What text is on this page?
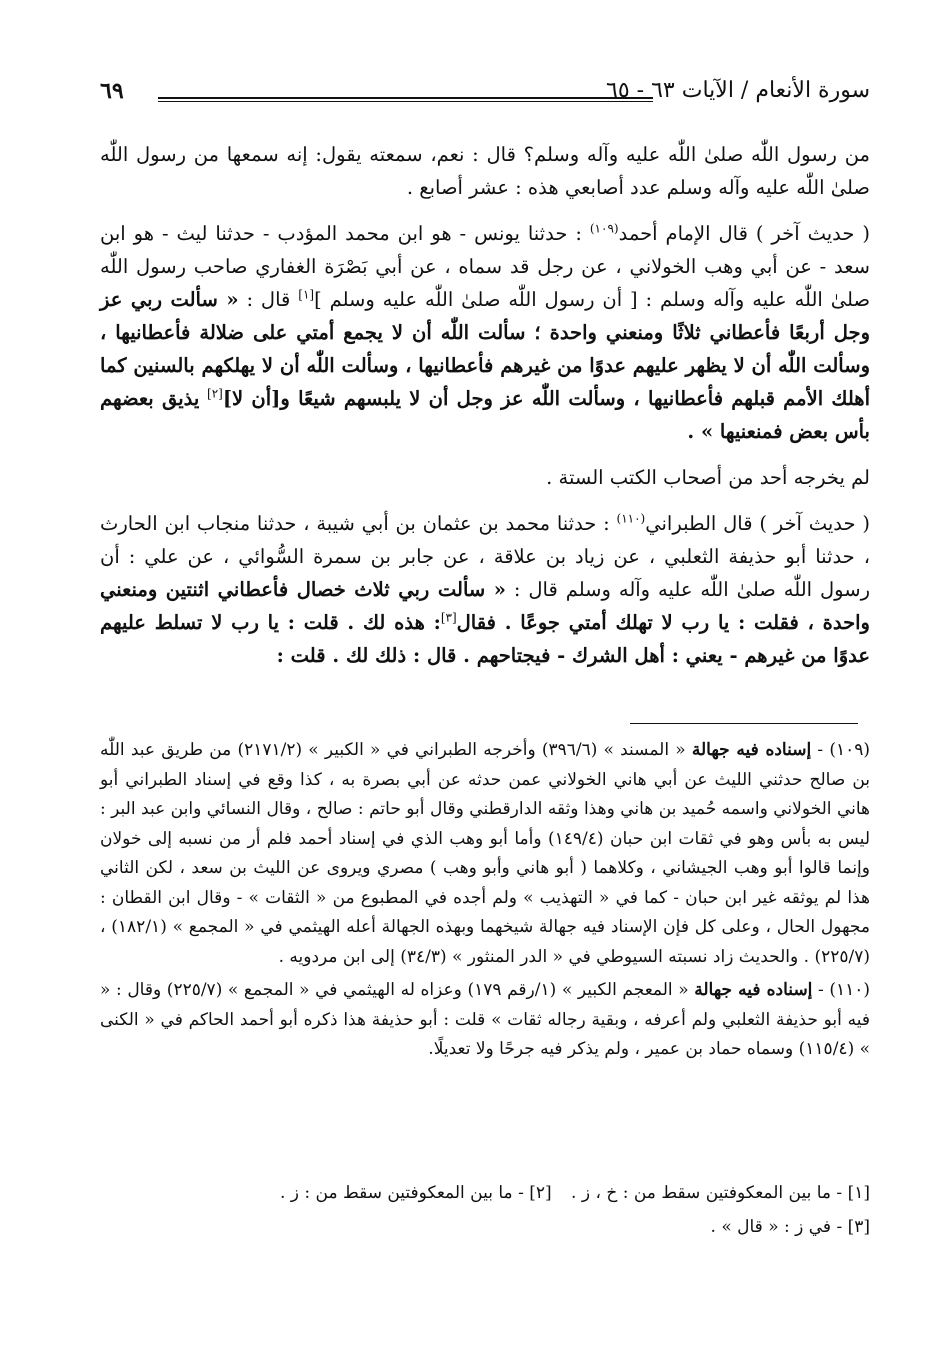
٦٩	سورة الأنعام / الآيات ٦٣ - ٦٥

من رسول اللّٰه صلىٰ اللّٰه عليه وآله وسلم؟ قال : نعم، سمعته يقول: إنه سمعها من رسول اللّٰه صلىٰ اللّٰه عليه وآله وسلم عدد أصابعي هذه : عشر أصابع .

( حديث آخر ) قال الإمام أحمد$^{(١٠٩)}$ : حدثنا يونس - هو ابن محمد المؤدب - حدثنا ليث - هو ابن سعد - عن أبي وهب الخولاني ، عن رجل قد سماه ، عن أبي بَصْرَة الغفاري صاحب رسول اللّٰه صلىٰ اللّٰه عليه وآله وسلم : [ أن رسول اللّٰه صلىٰ اللّٰه عليه وسلم ][١] قال : « سألت ربي عز وجل أربعًا فأعطاني ثلاثًا ومنعني واحدة ؛ سألت اللّٰه أن لا يجمع أمتي على ضلالة فأعطانيها ، وسألت اللّٰه أن لا يظهر عليهم عدوًا من غيرهم فأعطانيها ، وسألت اللّٰه أن لا يهلكهم بالسنين كما أهلك الأمم قبلهم فأعطانيها ، وسألت اللّٰه عز وجل أن لا يلبسهم شيعًا و[أن لا][٢] يذيق بعضهم بأس بعض فمنعنيها » .

لم يخرجه أحد من أصحاب الكتب الستة .

( حديث آخر ) قال الطبراني$^{(١١٠)}$ : حدثنا محمد بن عثمان بن أبي شيبة ، حدثنا منجاب ابن الحارث ، حدثنا أبو حذيفة الثعلبي ، عن زياد بن علاقة ، عن جابر بن سمرة السُّوائي ، عن علي : أن رسول اللّٰه صلىٰ اللّٰه عليه وآله وسلم قال : « سألت ربي ثلاث خصال فأعطاني اثنتين ومنعني واحدة ، فقلت : يا رب لا تهلك أمتي جوعًا . فقال[٣]: هذه لك . قلت : يا رب لا تسلط عليهم عدوًا من غيرهم - يعني : أهل الشرك - فيجتاحهم . قال : ذلك لك . قلت :

(١٠٩) - إسناده فيه جهالة « المسند » (٣٩٦/٦) وأخرجه الطبراني في « الكبير » (٢١٧١/٢) من طريق عبد اللّٰه بن صالح حدثني الليث عن أبي هاني الخولاني عمن حدثه عن أبي بصرة به ، كذا وقع في إسناد الطبراني أبو هاني الخولاني واسمه حُميد بن هاني وهذا وثقه الدارقطني وقال أبو حاتم : صالح ، وقال النسائي وابن عبد البر : ليس به بأس وهو في ثقات ابن حبان (١٤٩/٤) وأما أبو وهب الذي في إسناد أحمد فلم أر من نسبه إلى خولان وإنما قالوا أبو وهب الجيشاني ، وكلاهما ( أبو هاني وأبو وهب ) مصري ويروى عن الليث بن سعد ، لكن الثاني هذا لم يوثقه غير ابن حبان - كما في « التهذيب » ولم أجده في المطبوع من « الثقات » - وقال ابن القطان : مجهول الحال ، وعلى كل فإن الإسناد فيه جهالة شيخهما وبهذه الجهالة أعله الهيثمي في « المجمع » (١٨٢/١) ، (٢٢٥/٧) . والحديث زاد نسبته السيوطي في « الدر المنثور » (٣٤/٣) إلى ابن مردويه .

(١١٠) - إسناده فيه جهالة « المعجم الكبير » (١/رقم ١٧٩) وعزاه له الهيثمي في « المجمع » (٢٢٥/٧) وقال : « فيه أبو حذيفة الثعلبي ولم أعرفه ، وبقية رجاله ثقات » قلت : أبو حذيفة هذا ذكره أبو أحمد الحاكم في « الكنى » (١١٥/٤) وسماه حماد بن عمير ، ولم يذكر فيه جرحًا ولا تعديلًا.

[١] - ما بين المعكوفتين سقط من : خ ، ز . [٢] - ما بين المعكوفتين سقط من : ز .
[٣] - في ز : « قال » .
